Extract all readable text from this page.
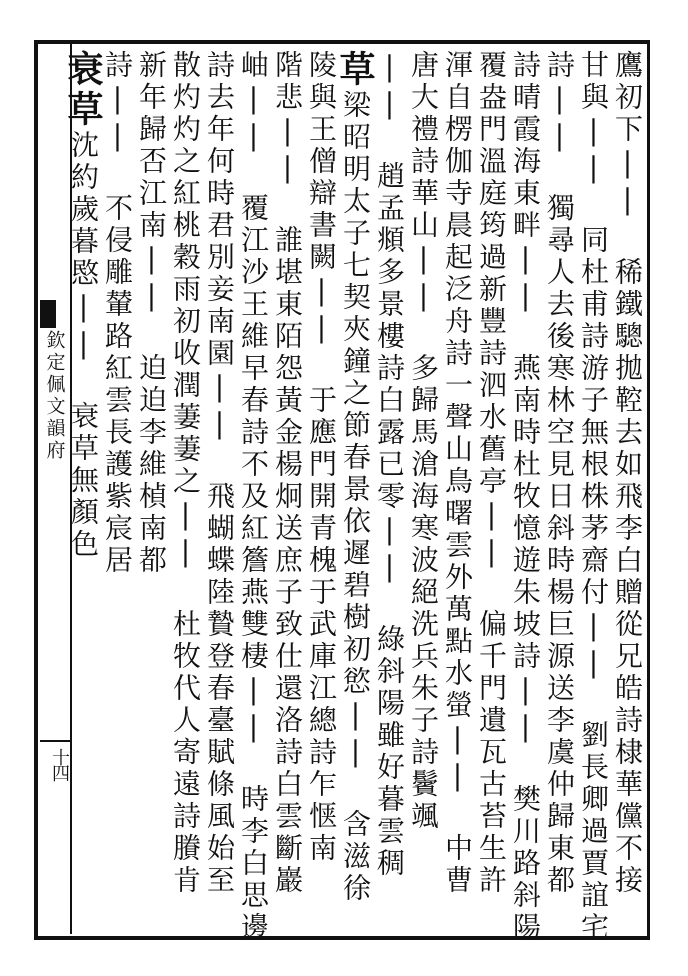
欽定佩文韻府
十四	鷹初下|| 稀鐵驄拋鞚去如飛李白贈從兄皓詩棣華儻不接
甘與|| 同杜甫詩游子無根株茅齋付|| 劉長卿過賈誼宅
詩|| 獨尋人去後寒林空見日斜時楊巨源送李虞仲歸東都
詩晴霞海東畔|| 燕南時杜牧憶遊朱坡詩|| 樊川路斜陽
覆盎門溫庭筠過新豐詩泗水舊亭|| 偏千門遺瓦古苔生許
渾自楞伽寺晨起泛舟詩一聲山鳥曙雲外萬點水螢|| 中曹
唐大禮詩華山|| 多歸馬滄海寒波絕洗兵朱子詩鬢颯
|| 趙孟頫多景樓詩白露已零|| 綠斜陽雖好暮雲稠
草梁昭明太子七契夾鐘之節春景依遲碧樹初慾|| 含滋徐
陵與王僧辯書闕|| 于應門開青槐于武庫江總詩乍惬南
階悲|| 誰堪東陌怨黃金楊炯送庶子致仕還洛詩白雲斷巖
岫|| 覆江沙王維早春詩不及紅簷燕雙棲|| 時李白思邊
詩去年何時君別妾南園|| 飛蝴蝶陸贄登春臺賦條風始至
散灼灼之紅桃穀雨初收潤萋萋之|| 杜牧代人寄遠詩賸肯
新年歸否江南|| 迫迫李維楨南都
詩|| 不侵雕輦路紅雲長護紫宸居
衰草沈約歲暮愍|| 衰草無顏色
